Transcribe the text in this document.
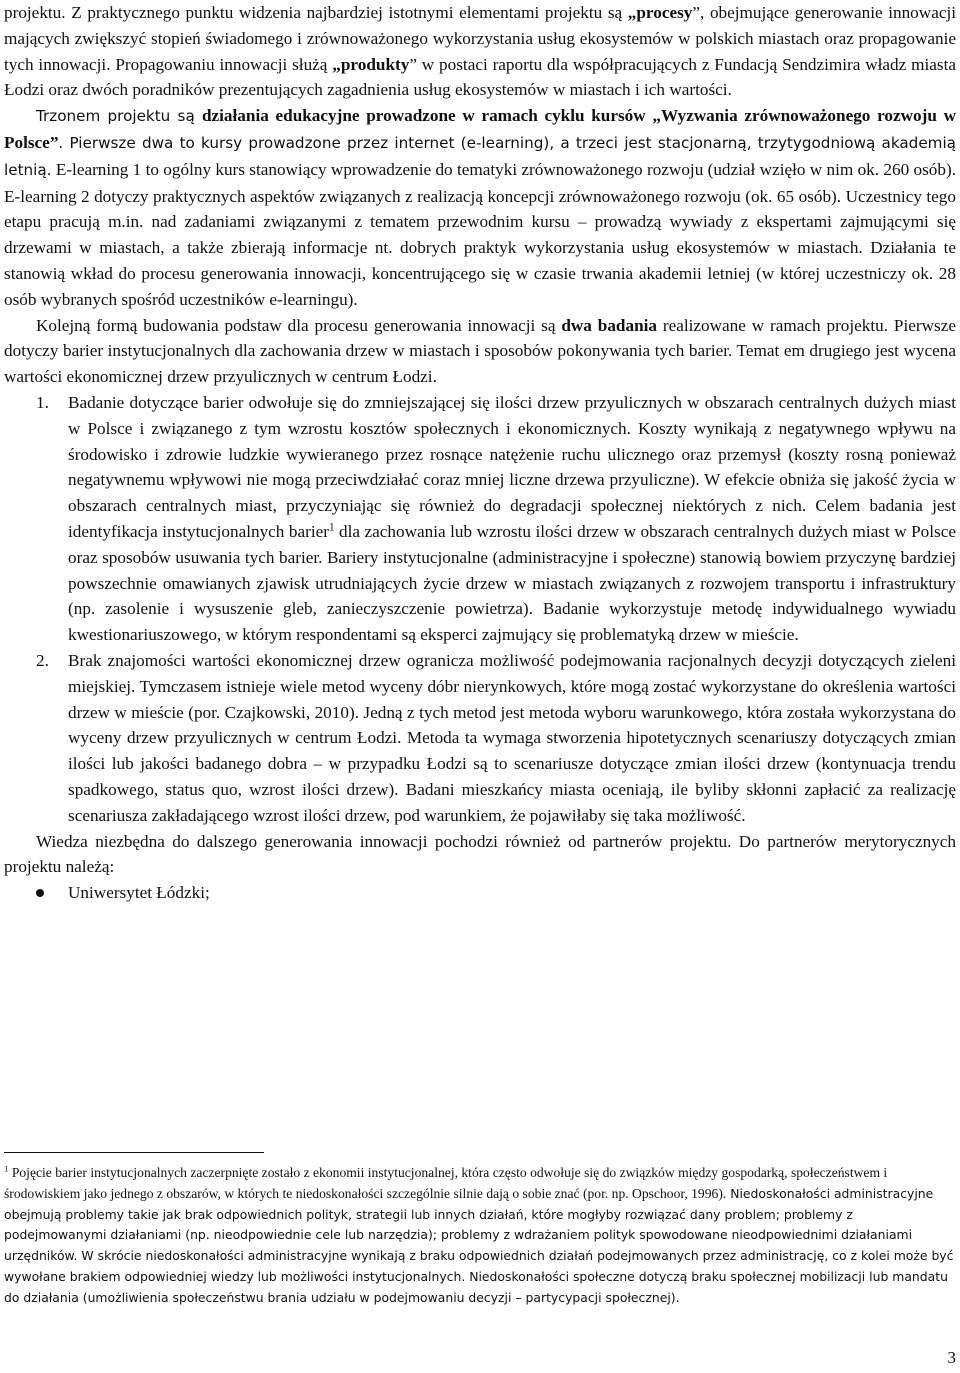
projektu. Z praktycznego punktu widzenia najbardziej istotnymi elementami projektu są „procesy”, obejmujące generowanie innowacji mających zwiększyć stopień świadomego i zrównoważonego wykorzystania usług ekosystemów w polskich miastach oraz propagowanie tych innowacji. Propagowaniu innowacji służą „produkty” w postaci raportu dla współpracujących z Fundacją Sendzimira władz miasta Łodzi oraz dwóch poradników prezentujących zagadnienia usług ekosystemów w miastach i ich wartości.

Trzonem projektu są działania edukacyjne prowadzone w ramach cyklu kursów „Wyzwania zrównoważonego rozwoju w Polsce”. Pierwsze dwa to kursy prowadzone przez internet (e-learning), a trzeci jest stacjonarną, trzytygodniową akademią letnią. E-learning 1 to ogólny kurs stanowiący wprowadzenie do tematyki zrównoważonego rozwoju (udział wzięło w nim ok. 260 osób). E-learning 2 dotyczy praktycznych aspektów związanych z realizacją koncepcji zrównoważonego rozwoju (ok. 65 osób). Uczestnicy tego etapu pracują m.in. nad zadaniami związanymi z tematem przewodnim kursu – prowadzą wywiady z ekspertami zajmującymi się drzewami w miastach, a także zbierają informacje nt. dobrych praktyk wykorzystania usług ekosystemów w miastach. Działania te stanowią wkład do procesu generowania innowacji, koncentrującego się w czasie trwania akademii letniej (w której uczestniczy ok. 28 osób wybranych spośród uczestników e-learningu).

Kolejną formą budowania podstaw dla procesu generowania innowacji są dwa badania realizowane w ramach projektu. Pierwsze dotyczy barier instytucjonalnych dla zachowania drzew w miastach i sposobów pokonywania tych barier. Temat em drugiego jest wycena wartości ekonomicznej drzew przyulicznych w centrum Łodzi.

1.	Badanie dotyczące barier odwołuje się do zmniejszającej się ilości drzew przyulicznych w obszarach centralnych dużych miast w Polsce i związanego z tym wzrostu kosztów społecznych i ekonomicznych. Koszty wynikają z negatywnego wpływu na środowisko i zdrowie ludzkie wywieranego przez rosnące natężenie ruchu ulicznego oraz przemysł (koszty rosną ponieważ negatywnemu wpływowi nie mogą przeciwdziałać coraz mniej liczne drzewa przyuliczne). W efekcie obniża się jakość życia w obszarach centralnych miast, przyczyniając się również do degradacji społecznej niektórych z nich. Celem badania jest identyfikacja instytucjonalnych barier$^1$ dla zachowania lub wzrostu ilości drzew w obszarach centralnych dużych miast w Polsce oraz sposobów usuwania tych barier. Bariery instytucjonalne (administracyjne i społeczne) stanowią bowiem przyczynę bardziej powszechnie omawianych zjawisk utrudniających życie drzew w miastach związanych z rozwojem transportu i infrastruktury (np. zasolenie i wysuszenie gleb, zanieczyszczenie powietrza). Badanie wykorzystuje metodę indywidualnego wywiadu kwestionariuszowego, w którym respondentami są eksperci zajmujący się problematyką drzew w mieście.
2.	Brak znajomości wartości ekonomicznej drzew ogranicza możliwość podejmowania racjonalnych decyzji dotyczących zieleni miejskiej. Tymczasem istnieje wiele metod wyceny dóbr nierynkowych, które mogą zostać wykorzystane do określenia wartości drzew w mieście (por. Czajkowski, 2010). Jedną z tych metod jest metoda wyboru warunkowego, która została wykorzystana do wyceny drzew przyulicznych w centrum Łodzi. Metoda ta wymaga stworzenia hipotetycznych scenariuszy dotyczących zmian ilości lub jakości badanego dobra – w przypadku Łodzi są to scenariusze dotyczące zmian ilości drzew (kontynuacja trendu spadkowego, status quo, wzrost ilości drzew). Badani mieszkańcy miasta oceniają, ile byliby skłonni zapłacić za realizację scenariusza zakładającego wzrost ilości drzew, pod warunkiem, że pojawiłaby się taka możliwość.

Wiedza niezbędna do dalszego generowania innowacji pochodzi również od partnerów projektu. Do partnerów merytorycznych projektu należą:

Uniwersytet Łódzki;
$^1$ Pojęcie barier instytucjonalnych zaczerpnięte zostało z ekonomii instytucjonalnej, która często odwołuje się do związków między gospodarką, społeczeństwem i środowiskiem jako jednego z obszarów, w których te niedoskonałości szczególnie silnie dają o sobie znać (por. np. Opschoor, 1996). Niedoskonałości administracyjne obejmują problemy takie jak brak odpowiednich polityk, strategii lub innych działań, które mogłyby rozwiązać dany problem; problemy z podejmowanymi działaniami (np. nieodpowiednie cele lub narzędzia); problemy z wdrażaniem polityk spowodowane nieodpowiednimi działaniami urzędników. W skrócie niedoskonałości administracyjne wynikają z braku odpowiednich działań podejmowanych przez administrację, co z kolei może być wywołane brakiem odpowiedniej wiedzy lub możliwości instytucjonalnych. Niedoskonałości społeczne dotyczą braku społecznej mobilizacji lub mandatu do działania (umożliwienia społeczeństwu brania udziału w podejmowaniu decyzji – partycypacji społecznej).
3
